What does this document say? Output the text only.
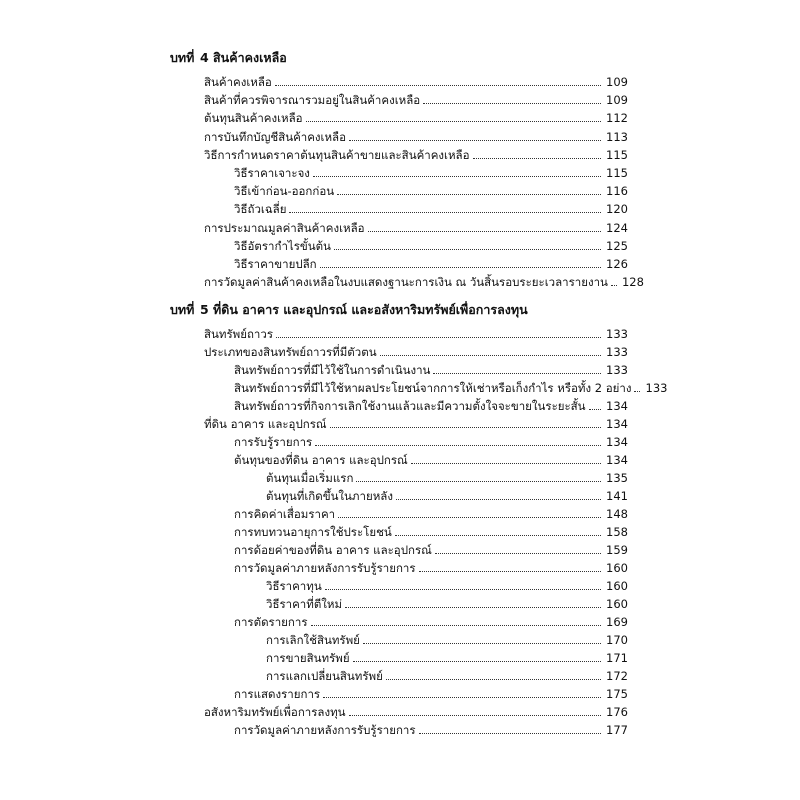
บทที่ 4 สินค้าคงเหลือ
สินค้าคงเหลือ	109
สินค้าที่ควรพิจารณารวมอยู่ในสินค้าคงเหลือ	109
ต้นทุนสินค้าคงเหลือ	112
การบันทึกบัญชีสินค้าคงเหลือ	113
วิธีการกำหนดราคาต้นทุนสินค้าขายและสินค้าคงเหลือ	115
วิธีราคาเจาะจง	115
วิธีเข้าก่อน-ออกก่อน	116
วิธีถัวเฉลี่ย	120
การประมาณมูลค่าสินค้าคงเหลือ	124
วิธีอัตรากำไรขั้นต้น	125
วิธีราคาขายปลีก	126
การวัดมูลค่าสินค้าคงเหลือในงบแสดงฐานะการเงิน ณ วันสิ้นรอบระยะเวลารายงาน 128
บทที่ 5 ที่ดิน อาคาร และอุปกรณ์ และอสังหาริมทรัพย์เพื่อการลงทุน
สินทรัพย์ถาวร	133
ประเภทของสินทรัพย์ถาวรที่มีตัวตน	133
สินทรัพย์ถาวรที่มีไว้ใช้ในการดำเนินงาน	133
สินทรัพย์ถาวรที่มีไว้ใช้หาผลประโยชน์จากการให้เช่าหรือเก็งกำไร หรือทั้ง 2 อย่าง 133
สินทรัพย์ถาวรที่กิจการเลิกใช้งานแล้วและมีความตั้งใจจะขายในระยะสั้น 134
ที่ดิน อาคาร และอุปกรณ์	134
การรับรู้รายการ	134
ต้นทุนของที่ดิน อาคาร และอุปกรณ์	134
ต้นทุนเมื่อเริ่มแรก	135
ต้นทุนที่เกิดขึ้นในภายหลัง	141
การคิดค่าเสื่อมราคา	148
การทบทวนอายุการใช้ประโยชน์	158
การด้อยค่าของที่ดิน อาคาร และอุปกรณ์	159
การวัดมูลค่าภายหลังการรับรู้รายการ	160
วิธีราคาทุน	160
วิธีราคาที่ตีใหม่	160
การตัดรายการ	169
การเลิกใช้สินทรัพย์	170
การขายสินทรัพย์	171
การแลกเปลี่ยนสินทรัพย์	172
การแสดงรายการ	175
อสังหาริมทรัพย์เพื่อการลงทุน	176
การวัดมูลค่าภายหลังการรับรู้รายการ	177
